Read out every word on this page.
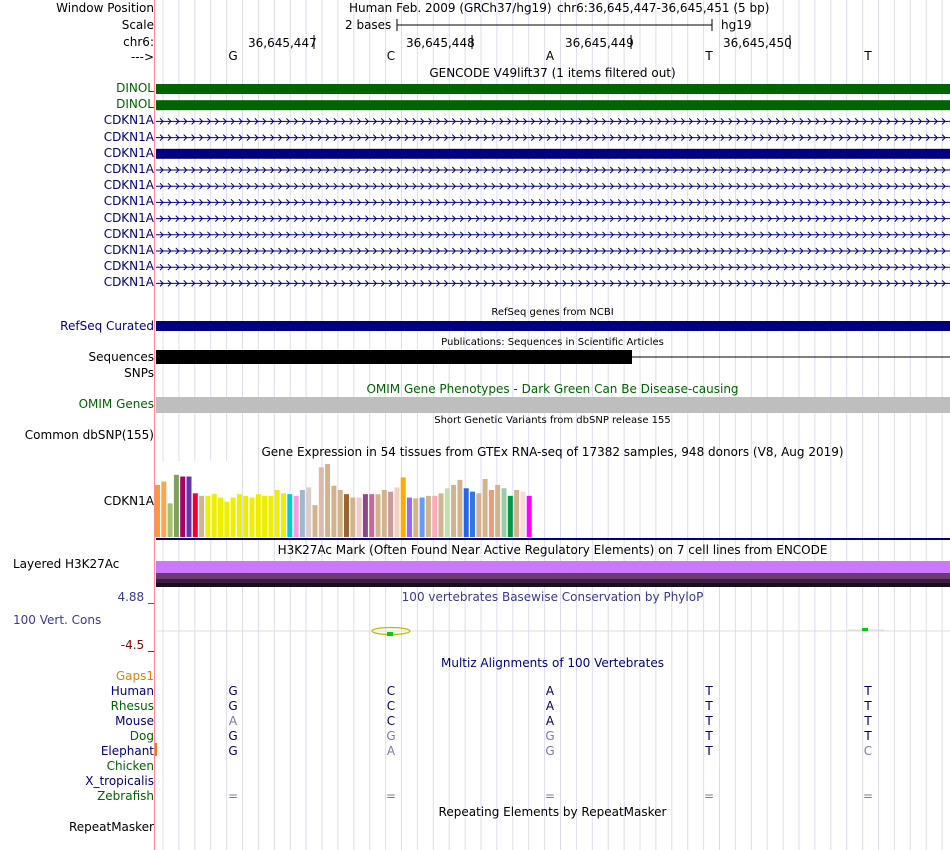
Window Position
Scale
chr6:
--->
Human Feb. 2009 (GRCh37/hg19) chr6:36,645,447-36,645,451 (5 bp)
2 bases	hg19
36,645,447	36,645,448	36,645,449	36,645,450
G	C	A	T	T
GENCODE V49lift37 (1 items filtered out)
DINOL
DINOL
CDKN1A
CDKN1A
CDKN1A
CDKN1A
CDKN1A
CDKN1A
CDKN1A
CDKN1A
CDKN1A
CDKN1A
CDKN1A
RefSeq genes from NCBI
RefSeq Curated
Publications: Sequences in Scientific Articles
Sequences
SNPs
OMIM Gene Phenotypes - Dark Green Can Be Disease-causing
OMIM Genes
Short Genetic Variants from dbSNP release 155
Common dbSNP(155)
Gene Expression in 54 tissues from GTEx RNA-seq of 17382 samples, 948 donors (V8, Aug 2019)
CDKN1A
H3K27Ac Mark (Often Found Near Active Regulatory Elements) on 7 cell lines from ENCODE
Layered H3K27Ac
100 vertebrates Basewise Conservation by PhyloP
4.88 _
100 Vert. Cons
-4.5 _
Multiz Alignments of 100 Vertebrates
Gaps1
Human	G	C	A	T	T
Rhesus	G	C	A	T	T
Mouse	A	C	A	T	T
Dog	G	G	G	T	T
Elephant	G	A	G	T	C
Chicken
X_tropicalis
Zebrafish	=	=	=	=	=
Repeating Elements by RepeatMasker
RepeatMasker
